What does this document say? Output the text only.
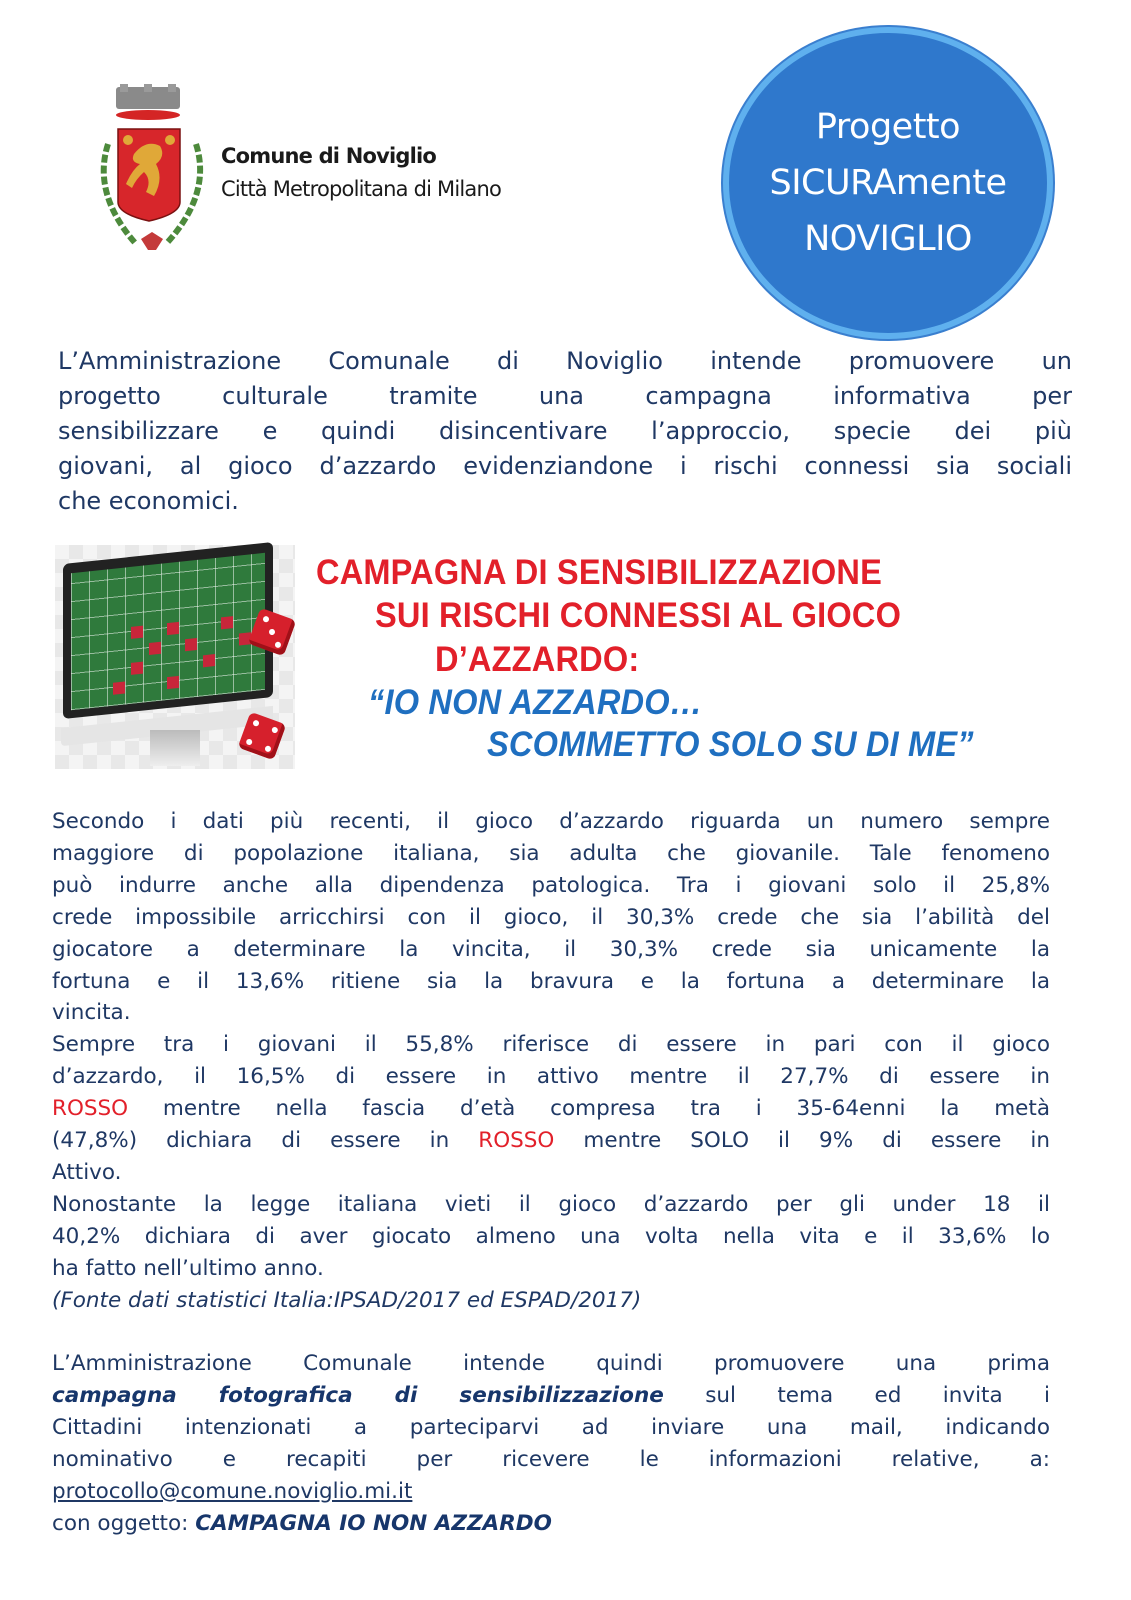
Comune di Noviglio
Città Metropolitana di Milano
Progetto
SICURAmente
NOVIGLIO
L’Amministrazione Comunale di Noviglio intende promuovere un
progetto culturale tramite una campagna informativa per
sensibilizzare e quindi disincentivare l’approccio, specie dei più
giovani, al gioco d’azzardo evidenziandone i rischi connessi sia sociali
che economici.
CAMPAGNA DI SENSIBILIZZAZIONE
SUI RISCHI CONNESSI AL GIOCO
D’AZZARDO:
“IO NON AZZARDO…
SCOMMETTO SOLO SU DI ME”
Secondo i dati più recenti, il gioco d’azzardo riguarda un numero sempre
maggiore di popolazione italiana, sia adulta che giovanile. Tale fenomeno
può indurre anche alla dipendenza patologica. Tra i giovani solo il 25,8%
crede impossibile arricchirsi con il gioco, il 30,3% crede che sia l’abilità del
giocatore a determinare la vincita, il 30,3% crede sia unicamente la
fortuna e il 13,6% ritiene sia la bravura e la fortuna a determinare la
vincita.
Sempre tra i giovani il 55,8% riferisce di essere in pari con il gioco
d’azzardo, il 16,5% di essere in attivo mentre il 27,7% di essere in
ROSSO mentre nella fascia d’età compresa tra i 35-64enni la metà
(47,8%) dichiara di essere in ROSSO mentre SOLO il 9% di essere in
Attivo.
Nonostante la legge italiana vieti il gioco d’azzardo per gli under 18 il
40,2% dichiara di aver giocato almeno una volta nella vita e il 33,6% lo
ha fatto nell’ultimo anno.
(Fonte dati statistici Italia:IPSAD/2017 ed ESPAD/2017)
L’Amministrazione Comunale intende quindi promuovere una prima
campagna fotografica di sensibilizzazione sul tema ed invita i
Cittadini intenzionati a parteciparvi ad inviare una mail, indicando
nominativo e recapiti per ricevere le informazioni relative, a:
protocollo@comune.noviglio.mi.it
con oggetto: CAMPAGNA IO NON AZZARDO
